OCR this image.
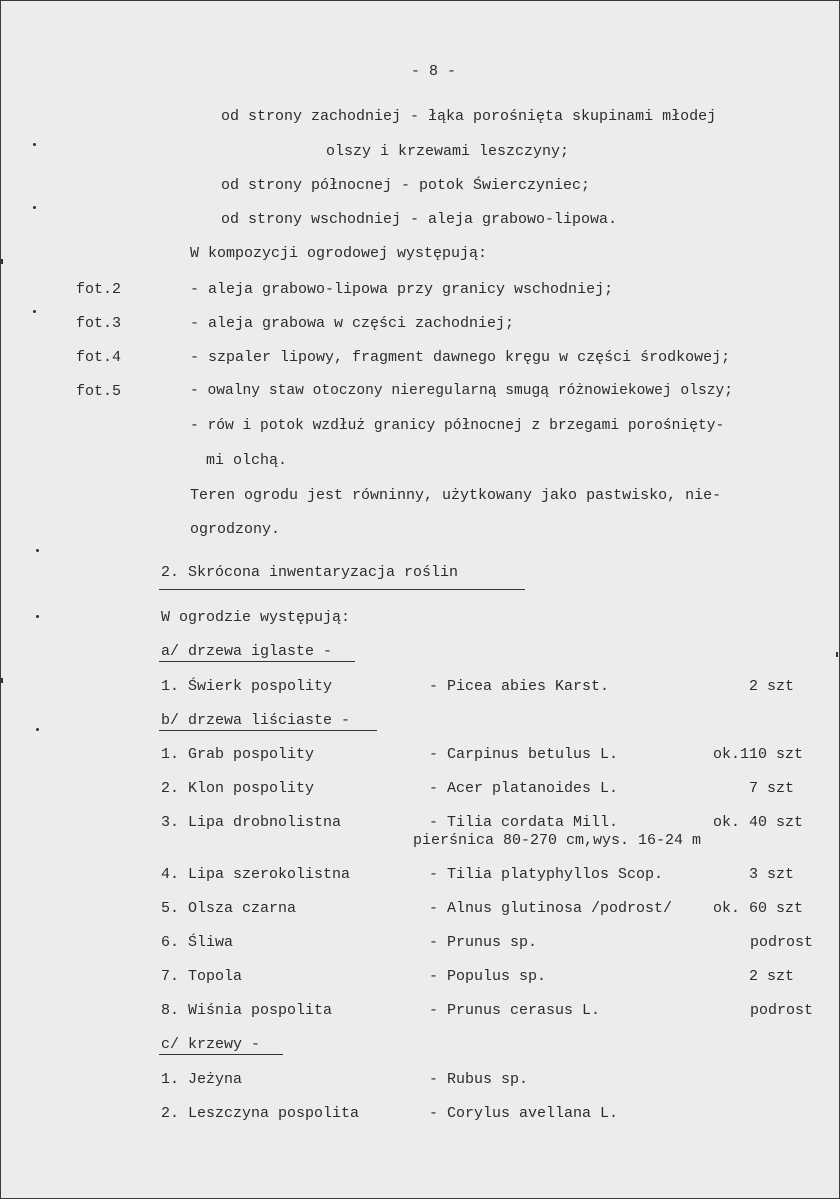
- 8 -
od strony zachodniej - łąka porośnięta skupinami młodej
olszy i krzewami leszczyny;
od strony północnej - potok Świerczyniec;
od strony wschodniej - aleja grabowo-lipowa.
W kompozycji ogrodowej występują:
fot.2	- aleja grabowo-lipowa przy granicy wschodniej;
fot.3	- aleja grabowa w części zachodniej;
fot.4	- szpaler lipowy, fragment dawnego kręgu w części środkowej;
fot.5	- owalny staw otoczony nieregularną smugą różnowiekowej olszy;
- rów i potok wzdłuż granicy północnej z brzegami porośnięty-
mi olchą.
Teren ogrodu jest równinny, użytkowany jako pastwisko, nie-
ogrodzony.
2. Skrócona inwentaryzacja roślin
W ogrodzie występują:
a/ drzewa iglaste -
1. Świerk pospolity	- Picea abies Karst.	2 szt
b/ drzewa liściaste -
1. Grab pospolity	- Carpinus betulus L.	ok.110 szt
2. Klon pospolity	- Acer platanoides L.	7 szt
3. Lipa drobnolistna	- Tilia cordata Mill.	ok. 40 szt
pierśnica 80-270 cm,wys. 16-24 m
4. Lipa szerokolistna	- Tilia platyphyllos Scop.	3 szt
5. Olsza czarna	- Alnus glutinosa /podrost/	ok. 60 szt
6. Śliwa	- Prunus sp.	podrost
7. Topola	- Populus sp.	2 szt
8. Wiśnia pospolita	- Prunus cerasus L.	podrost
c/ krzewy -
1. Jeżyna	- Rubus sp.
2. Leszczyna pospolita	- Corylus avellana L.
